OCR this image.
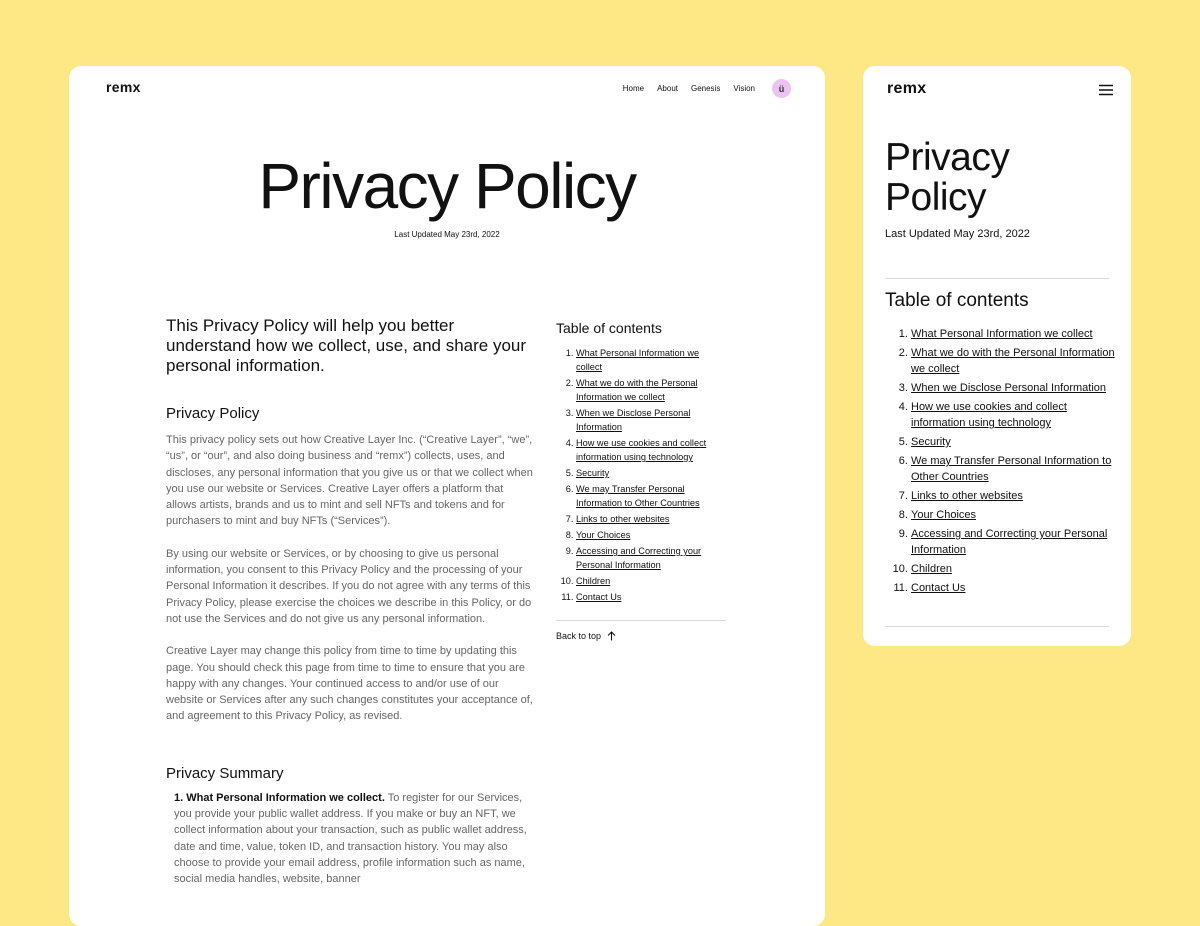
remx	Home About Genesis Vision	ü
Privacy Policy
Last Updated May 23rd, 2022

This Privacy Policy will help you better understand how we collect, use, and share your personal information.

Privacy Policy

This privacy policy sets out how Creative Layer Inc. (“Creative Layer”, “we”, “us”, or “our”, and also doing business and “remx”) collects, uses, and discloses, any personal information that you give us or that we collect when you use our website or Services. Creative Layer offers a platform that allows artists, brands and us to mint and sell NFTs and tokens and for purchasers to mint and buy NFTs (“Services”).

By using our website or Services, or by choosing to give us personal information, you consent to this Privacy Policy and the processing of your Personal Information it describes. If you do not agree with any terms of this Privacy Policy, please exercise the choices we describe in this Policy, or do not use the Services and do not give us any personal information.

Creative Layer may change this policy from time to time by updating this page. You should check this page from time to time to ensure that you are happy with any changes. Your continued access to and/or use of our website or Services after any such changes constitutes your acceptance of, and agreement to this Privacy Policy, as revised.

Privacy Summary

1. What Personal Information we collect. To register for our Services, you provide your public wallet address. If you make or buy an NFT, we collect information about your transaction, such as public wallet address, date and time, value, token ID, and transaction history. You may also choose to provide your email address, profile information such as name, social media handles, website, banner

Table of contents
1. What Personal Information we collect
2. What we do with the Personal Information we collect
3. When we Disclose Personal Information
4. How we use cookies and collect information using technology
5. Security
6. We may Transfer Personal Information to Other Countries
7. Links to other websites
8. Your Choices
9. Accessing and Correcting your Personal Information
10. Children
11. Contact Us
Back to top
remx
Privacy
Policy
Last Updated May 23rd, 2022
Table of contents
1. What Personal Information we collect
2. What we do with the Personal Information we collect
3. When we Disclose Personal Information
4. How we use cookies and collect information using technology
5. Security
6. We may Transfer Personal Information to Other Countries
7. Links to other websites
8. Your Choices
9. Accessing and Correcting your Personal Information
10. Children
11. Contact Us
